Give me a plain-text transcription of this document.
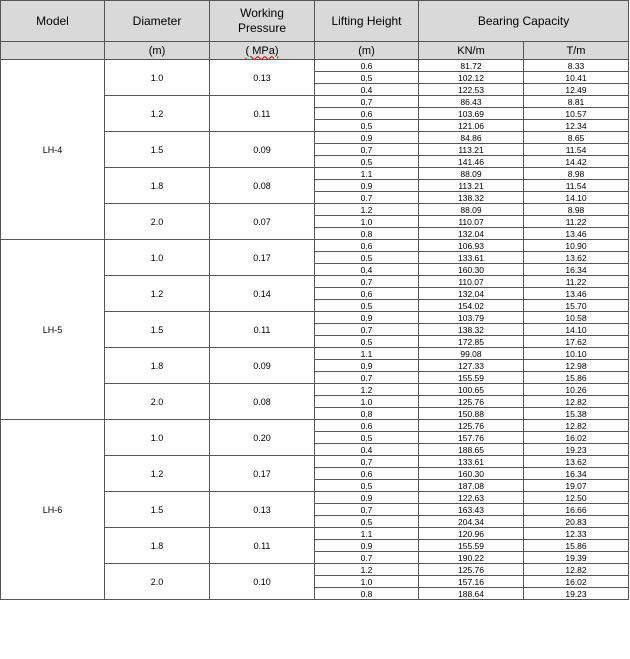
Model	Diameter	Working Pressure	Lifting Height	Bearing Capacity	
	(m)	( MPa)	(m)	KN/m	T/m
LH-4	1.0	0.13	0.6	81.72	8.33
			0.5	102.12	10.41
			0.4	122.53	12.49
	1.2	0.11	0.7	86.43	8.81
			0.6	103.69	10.57
			0.5	121.06	12.34
	1.5	0.09	0.9	84.86	8.65
			0.7	113.21	11.54
			0.5	141.46	14.42
	1.8	0.08	1.1	88.09	8.98
			0.9	113.21	11.54
			0.7	138.32	14.10
	2.0	0.07	1.2	88.09	8.98
			1.0	110.07	11.22
			0.8	132.04	13.46
LH-5	1.0	0.17	0.6	106.93	10.90
			0.5	133.61	13.62
			0.4	160.30	16.34
	1.2	0.14	0.7	110.07	11.22
			0.6	132.04	13.46
			0.5	154.02	15.70
	1.5	0.11	0.9	103.79	10.58
			0.7	138.32	14.10
			0.5	172.85	17.62
	1.8	0.09	1.1	99.08	10.10
			0.9	127.33	12.98
			0.7	155.59	15.86
	2.0	0.08	1.2	100.65	10.26
			1.0	125.76	12.82
			0.8	150.88	15.38
LH-6	1.0	0.20	0.6	125.76	12.82
			0.5	157.76	16.02
			0.4	188.65	19.23
	1.2	0.17	0.7	133.61	13.62
			0.6	160.30	16.34
			0.5	187.08	19.07
	1.5	0.13	0.9	122.63	12.50
			0.7	163.43	16.66
			0.5	204.34	20.83
	1.8	0.11	1.1	120.96	12.33
			0.9	155.59	15.86
			0.7	190.22	19.39
	2.0	0.10	1.2	125.76	12.82
			1.0	157.16	16.02
			0.8	188.64	19.23
